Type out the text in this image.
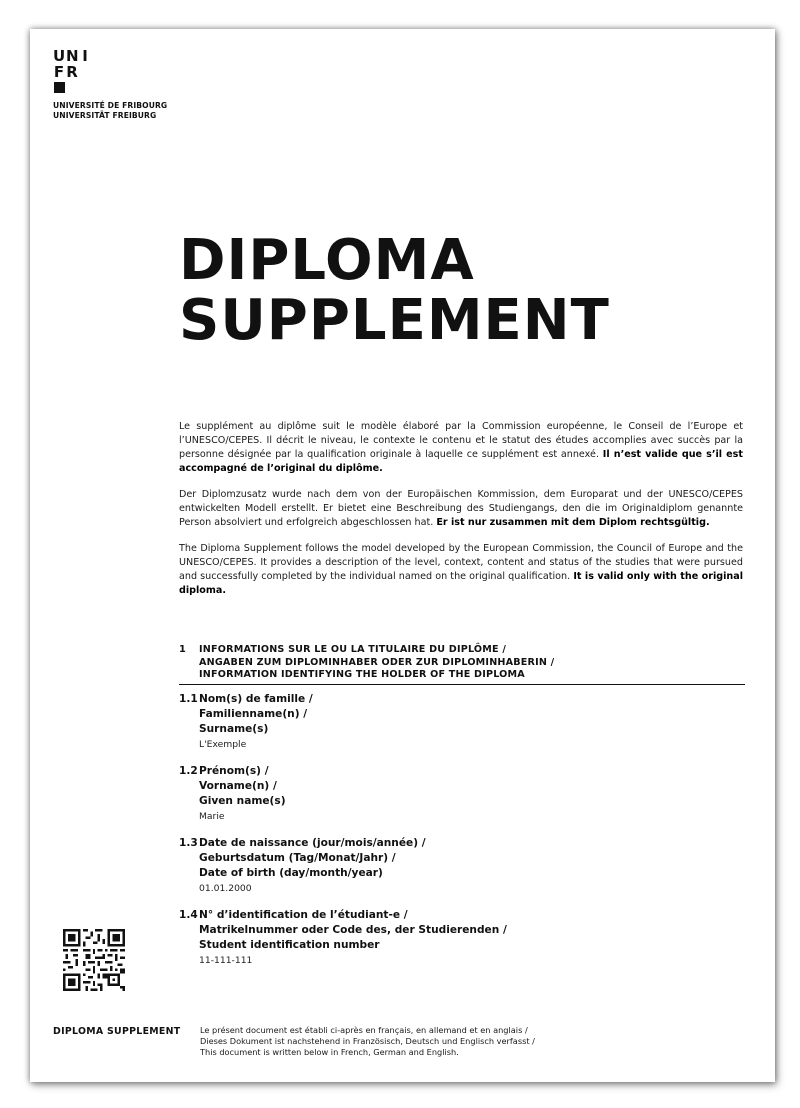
U N I
F R
UNIVERSITÉ DE FRIBOURG
UNIVERSITÄT FREIBURG
DIPLOMA
SUPPLEMENT

Le supplément au diplôme suit le modèle élaboré par la Commission européenne, le Conseil de l’Europe et l’UNESCO/CEPES. Il décrit le niveau, le contexte le contenu et le statut des études accomplies avec succès par la personne désignée par la qualification originale à laquelle ce supplément est annexé. Il n’est valide que s’il est accompagné de l’original du diplôme.

Der Diplomzusatz wurde nach dem von der Europäischen Kommission, dem Europarat und der UNESCO/CEPES entwickelten Modell erstellt. Er bietet eine Beschreibung des Studiengangs, den die im Originaldiplom genannte Person absolviert und erfolgreich abgeschlossen hat. Er ist nur zusammen mit dem Diplom rechtsgültig.

The Diploma Supplement follows the model developed by the European Commission, the Council of Europe and the UNESCO/CEPES. It provides a description of the level, context, content and status of the studies that were pursued and successfully completed by the individual named on the original qualification. It is valid only with the original diploma.

1	INFORMATIONS SUR LE OU LA TITULAIRE DU DIPLÔME /
ANGABEN ZUM DIPLOMINHABER ODER ZUR DIPLOMINHABERIN /
INFORMATION IDENTIFYING THE HOLDER OF THE DIPLOMA
1.1 Nom(s) de famille /
Familienname(n) /
Surname(s)
L'Exemple
1.2 Prénom(s) /
Vorname(n) /
Given name(s)
Marie
1.3 Date de naissance (jour/mois/année) /
Geburtsdatum (Tag/Monat/Jahr) /
Date of birth (day/month/year)
01.01.2000
1.4 N° d’identification de l’étudiant-e /
Matrikelnummer oder Code des, der Studierenden /
Student identification number
11-111-111
DIPLOMA SUPPLEMENT Le présent document est établi ci-après en français, en allemand et en anglais /
Dieses Dokument ist nachstehend in Französisch, Deutsch und Englisch verfasst /
This document is written below in French, German and English.
